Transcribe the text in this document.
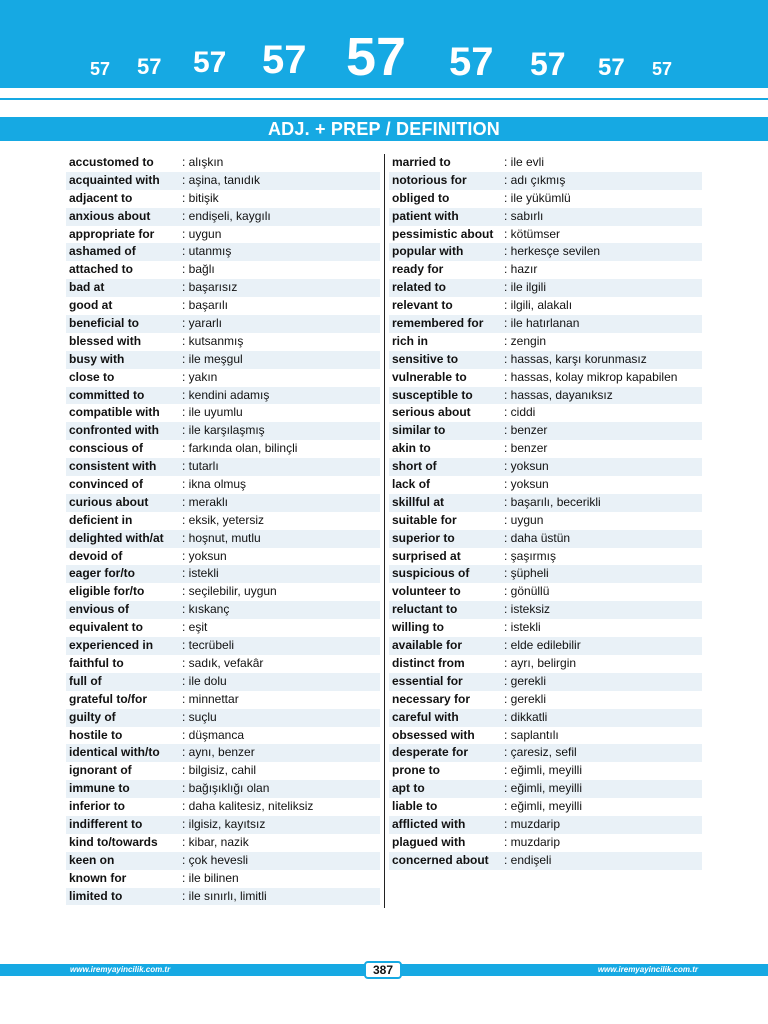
57 57 57 57 57 57 57 57 57
ADJ. + PREP / DEFINITION
accustomed to	: alışkın
acquainted with	: aşina, tanıdık
adjacent to	: bitişik
anxious about	: endişeli, kaygılı
appropriate for	: uygun
ashamed of	: utanmış
attached to	: bağlı
bad at	: başarısız
good at	: başarılı
beneficial to	: yararlı
blessed with	: kutsanmış
busy with	: ile meşgul
close to	: yakın
committed to	: kendini adamış
compatible with	: ile uyumlu
confronted with	: ile karşılaşmış
conscious of	: farkında olan, bilinçli
consistent with	: tutarlı
convinced of	: ikna olmuş
curious about	: meraklı
deficient in	: eksik, yetersiz
delighted with/at	: hoşnut, mutlu
devoid of	: yoksun
eager for/to	: istekli
eligible for/to	: seçilebilir, uygun
envious of	: kıskanç
equivalent to	: eşit
experienced in	: tecrübeli
faithful to	: sadık, vefakâr
full of	: ile dolu
grateful to/for	: minnettar
guilty of	: suçlu
hostile to	: düşmanca
identical with/to	: aynı, benzer
ignorant of	: bilgisiz, cahil
immune to	: bağışıklığı olan
inferior to	: daha kalitesiz, niteliksiz
indifferent to	: ilgisiz, kayıtsız
kind to/towards	: kibar, nazik
keen on	: çok hevesli
known for	: ile bilinen
limited to	: ile sınırlı, limitli
married to	: ile evli
notorious for	: adı çıkmış
obliged to	: ile yükümlü
patient with	: sabırlı
pessimistic about : kötümser
popular with	: herkesçe sevilen
ready for	: hazır
related to	: ile ilgili
relevant to	: ilgili, alakalı
remembered for	: ile hatırlanan
rich in	: zengin
sensitive to	: hassas, karşı korunmasız
vulnerable to	: hassas, kolay mikrop kapabilen
susceptible to	: hassas, dayanıksız
serious about	: ciddi
similar to	: benzer
akin to	: benzer
short of	: yoksun
lack of	: yoksun
skillful at	: başarılı, becerikli
suitable for	: uygun
superior to	: daha üstün
surprised at	: şaşırmış
suspicious of	: şüpheli
volunteer to	: gönüllü
reluctant to	: isteksiz
willing to	: istekli
available for	: elde edilebilir
distinct from	: ayrı, belirgin
essential for	: gerekli
necessary for	: gerekli
careful with	: dikkatli
obsessed with	: saplantılı
desperate for	: çaresiz, sefil
prone to	: eğimli, meyilli
apt to	: eğimli, meyilli
liable to	: eğimli, meyilli
afflicted with	: muzdarip
plagued with	: muzdarip
concerned about	: endişeli
www.iremyayincilik.com.tr	www.iremyayincilik.com.tr
387
